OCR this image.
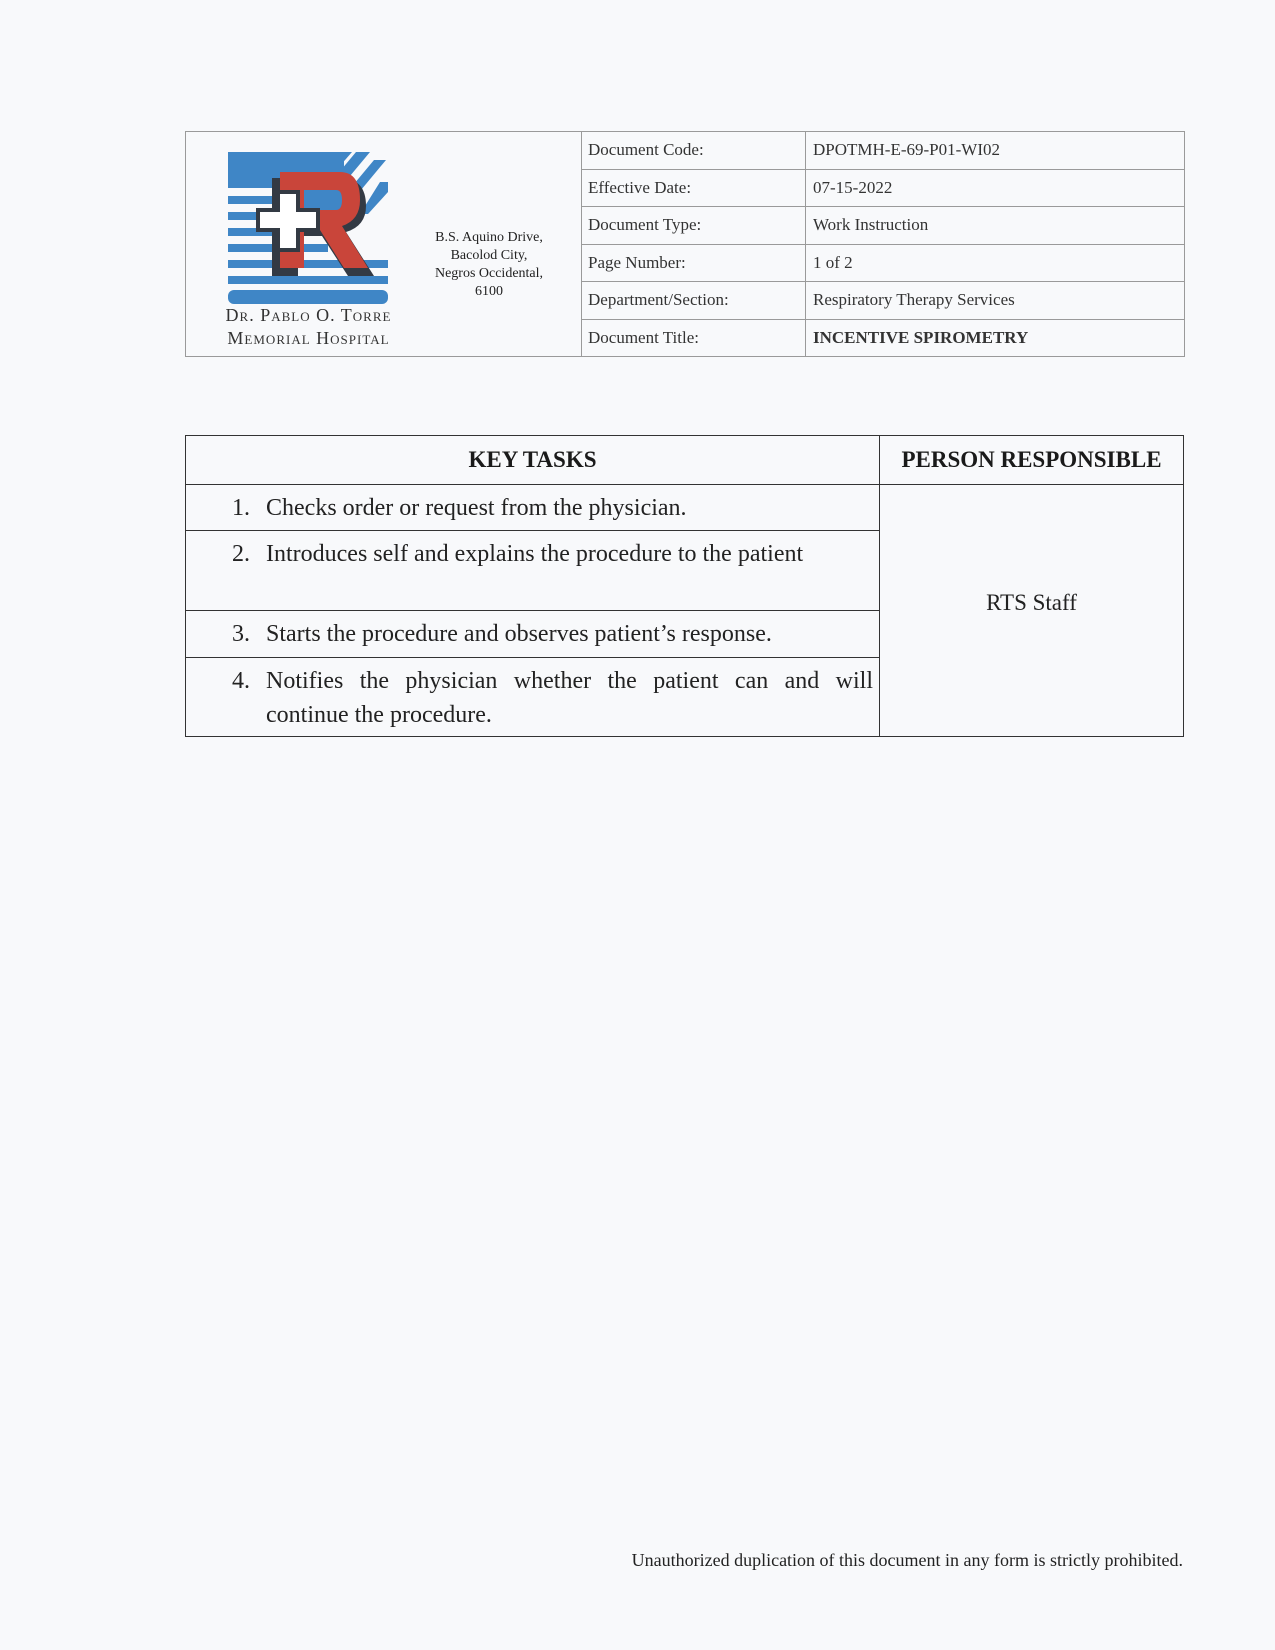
Dr. Pablo O. Torre
Memorial Hospital
B.S. Aquino Drive,
Bacolod City,
Negros Occidental,
6100
Document Code:	DPOTMH-E-69-P01-WI02
Effective Date:	07-15-2022
Document Type:	Work Instruction
Page Number:	1 of 2
Department/Section:	Respiratory Therapy Services
Document Title:	INCENTIVE SPIROMETRY
KEY TASKS	PERSON RESPONSIBLE
1. Checks order or request from the physician.
2. Introduces self and explains the procedure to the patient
3. Starts the procedure and observes patient’s response.
4. Notifies the physician whether the patient can and will continue the procedure.
RTS Staff
Unauthorized duplication of this document in any form is strictly prohibited.
